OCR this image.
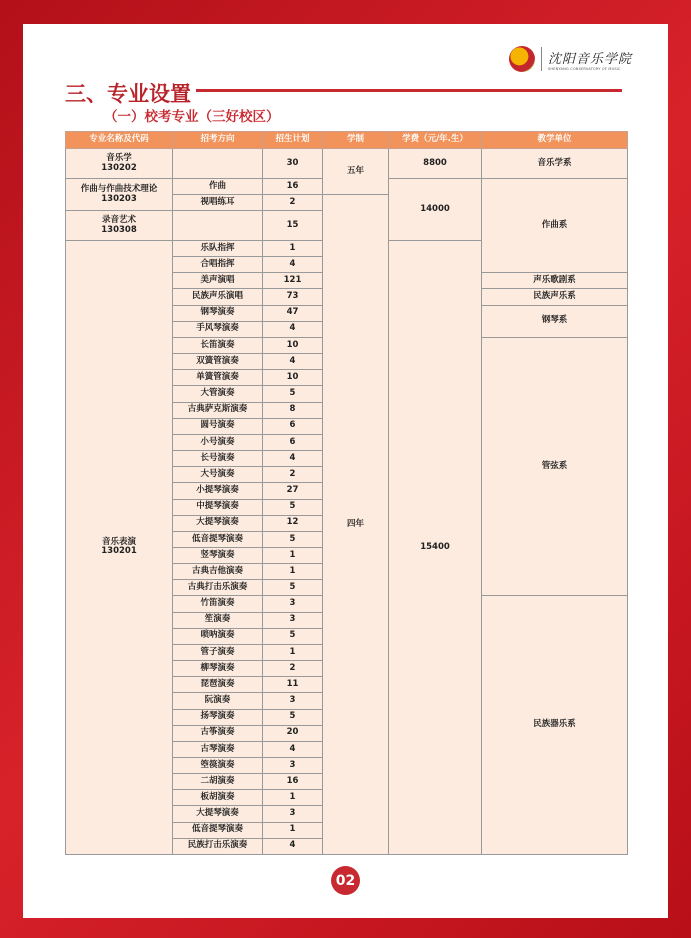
沈阳音乐学院
SHENYANG CONSERVATORY OF MUSIC
三、专业设置
（一）校考专业（三好校区）
专业名称及代码	招考方向	招生计划	学制	学费（元/年.生）	教学单位
音乐学
130202		30	五年	8800	音乐学系
作曲与作曲技术理论
130203	作曲	16		14000	作曲系
	视唱练耳	2	四年		
录音艺术
130308		15			
音乐表演
130201	乐队指挥	1		15400	
	合唱指挥	4			
	美声演唱	121			声乐歌剧系
	民族声乐演唱	73			民族声乐系
	钢琴演奏	47			钢琴系
	手风琴演奏	4			
	长笛演奏	10			管弦系
	双簧管演奏	4			
	单簧管演奏	10			
	大管演奏	5			
	古典萨克斯演奏	8			
	圆号演奏	6			
	小号演奏	6			
	长号演奏	4			
	大号演奏	2			
	小提琴演奏	27			
	中提琴演奏	5			
	大提琴演奏	12			
	低音提琴演奏	5			
	竖琴演奏	1			
	古典吉他演奏	1			
	古典打击乐演奏	5			
	竹笛演奏	3			民族器乐系
	笙演奏	3			
	唢呐演奏	5			
	管子演奏	1			
	柳琴演奏	2			
	琵琶演奏	11			
	阮演奏	3			
	扬琴演奏	5			
	古筝演奏	20			
	古琴演奏	4			
	箜篌演奏	3			
	二胡演奏	16			
	板胡演奏	1			
	大提琴演奏	3			
	低音提琴演奏	1			
	民族打击乐演奏	4			
02
